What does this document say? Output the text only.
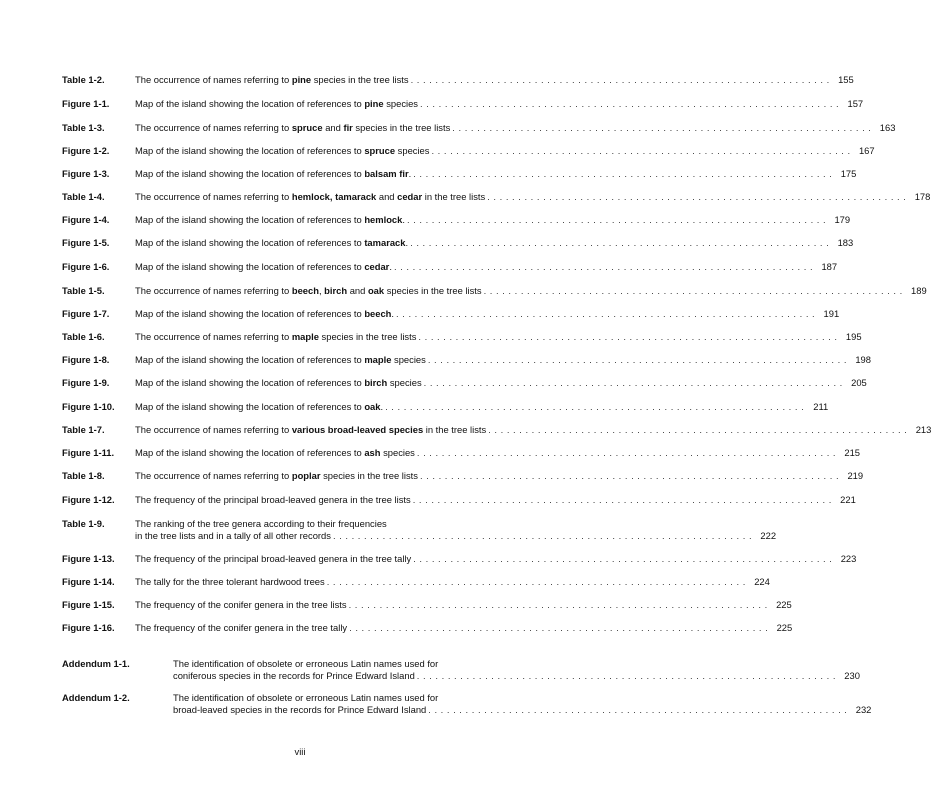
Table 1-2.	The occurrence of names referring to pine species in the tree lists . . .	155
Figure 1-1.	Map of the island showing the location of references to pine species . . .	157
Table 1-3.	The occurrence of names referring to spruce and fir species in the tree lists . . .	163
Figure 1-2.	Map of the island showing the location of references to spruce species . . .	167
Figure 1-3.	Map of the island showing the location of references to balsam fir. . . .	175
Table 1-4.	The occurrence of names referring to hemlock, tamarack and cedar in the tree lists . . .	178
Figure 1-4.	Map of the island showing the location of references to hemlock. . . .	179
Figure 1-5.	Map of the island showing the location of references to tamarack. . . .	183
Figure 1-6.	Map of the island showing the location of references to cedar. . . .	187
Table 1-5.	The occurrence of names referring to beech, birch and oak species in the tree lists . . .	189
Figure 1-7.	Map of the island showing the location of references to beech. . . .	191
Table 1-6.	The occurrence of names referring to maple species in the tree lists . . .	195
Figure 1-8.	Map of the island showing the location of references to maple species . . .	198
Figure 1-9.	Map of the island showing the location of references to birch species . . .	205
Figure 1-10.	Map of the island showing the location of references to oak. . . .	211
Table 1-7.	The occurrence of names referring to various broad-leaved species in the tree lists . . .	213
Figure 1-11.	Map of the island showing the location of references to ash species . . .	215
Table 1-8.	The occurrence of names referring to poplar species in the tree lists . . .	219
Figure 1-12.	The frequency of the principal broad-leaved genera in the tree lists . . .	221
Table 1-9.	The ranking of the tree genera according to their frequencies
in the tree lists and in a tally of all other records . . .	222
Figure 1-13.	The frequency of the principal broad-leaved genera in the tree tally . . .	223
Figure 1-14.	The tally for the three tolerant hardwood trees . . .	224
Figure 1-15.	The frequency of the conifer genera in the tree lists . . .	225
Figure 1-16.	The frequency of the conifer genera in the tree tally . . .	225
Addendum 1-1.	The identification of obsolete or erroneous Latin names used for
coniferous species in the records for Prince Edward Island . . .	230
Addendum 1-2.	The identification of obsolete or erroneous Latin names used for
broad-leaved species in the records for Prince Edward Island . . .	232
viii
